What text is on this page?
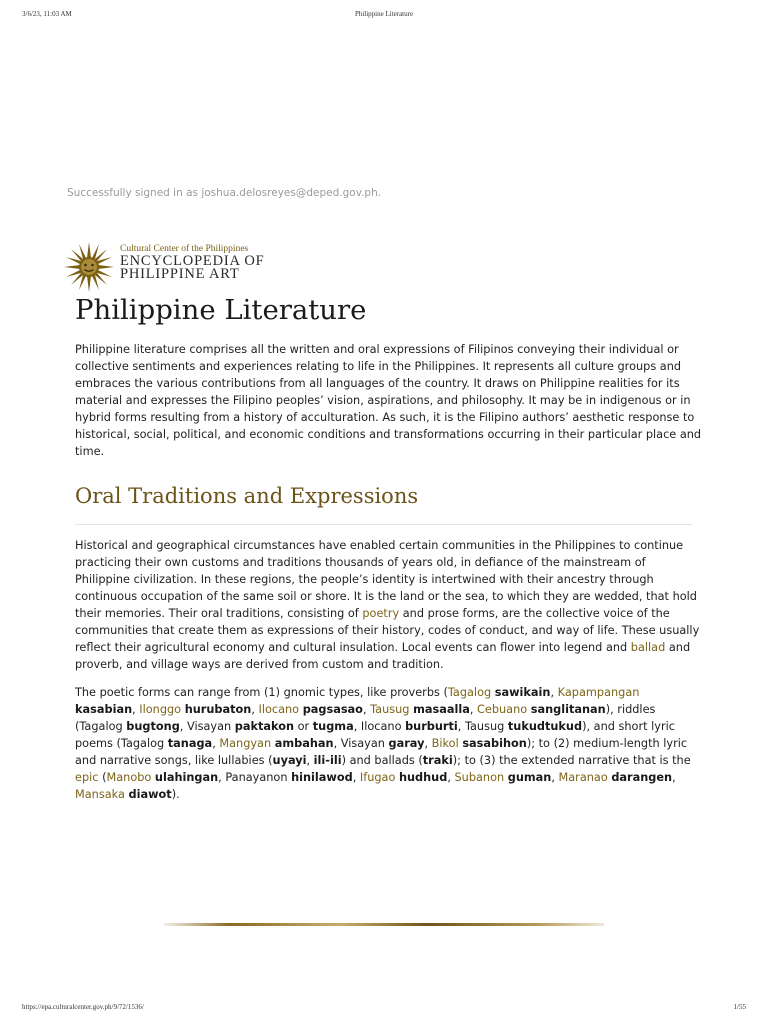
3/6/23, 11:03 AM	Philippine Literature
Successfully signed in as joshua.delosreyes@deped.gov.ph.
Cultural Center of the Philippines
ENCYCLOPEDIA OF
PHILIPPINE ART
Philippine Literature

Philippine literature comprises all the written and oral expressions of Filipinos conveying their individual or collective sentiments and experiences relating to life in the Philippines. It represents all culture groups and embraces the various contributions from all languages of the country. It draws on Philippine realities for its material and expresses the Filipino peoples’ vision, aspirations, and philosophy. It may be in indigenous or in hybrid forms resulting from a history of acculturation. As such, it is the Filipino authors’ aesthetic response to historical, social, political, and economic conditions and transformations occurring in their particular place and time.

Oral Traditions and Expressions

Historical and geographical circumstances have enabled certain communities in the Philippines to continue practicing their own customs and traditions thousands of years old, in defiance of the mainstream of Philippine civilization. In these regions, the people’s identity is intertwined with their ancestry through continuous occupation of the same soil or shore. It is the land or the sea, to which they are wedded, that hold their memories. Their oral traditions, consisting of poetry and prose forms, are the collective voice of the communities that create them as expressions of their history, codes of conduct, and way of life. These usually reflect their agricultural economy and cultural insulation. Local events can flower into legend and ballad and proverb, and village ways are derived from custom and tradition.

The poetic forms can range from (1) gnomic types, like proverbs (Tagalog sawikain, Kapampangan kasabian, Ilonggo hurubaton, Ilocano pagsasao, Tausug masaalla, Cebuano sanglitanan), riddles (Tagalog bugtong, Visayan paktakon or tugma, Ilocano burburti, Tausug tukudtukud), and short lyric poems (Tagalog tanaga, Mangyan ambahan, Visayan garay, Bikol sasabihon); to (2) medium-length lyric and narrative songs, like lullabies (uyayi, ili-ili) and ballads (traki); to (3) the extended narrative that is the epic (Manobo ulahingan, Panayanon hinilawod, Ifugao hudhud, Subanon guman, Maranao darangen, Mansaka diawot).

https://epa.culturalcenter.gov.ph/9/72/1536/	1/55
